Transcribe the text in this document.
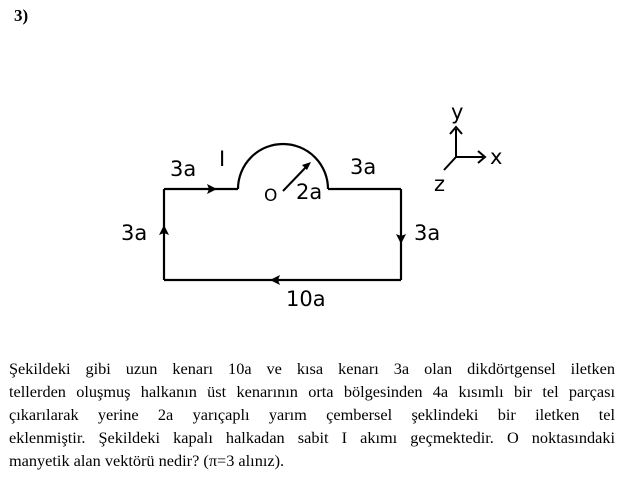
3)
3a I
O 2a
3a
3a	3a
10a
y
x
z
Şekildeki gibi uzun kenarı 10a ve kısa kenarı 3a olan dikdörtgensel iletken
tellerden oluşmuş halkanın üst kenarının orta bölgesinden 4a kısımlı bir tel parçası
çıkarılarak yerine 2a yarıçaplı yarım çembersel şeklindeki bir iletken tel
eklenmiştir. Şekildeki kapalı halkadan sabit I akımı geçmektedir. O noktasındaki
manyetik alan vektörü nedir? (π=3 alınız).
